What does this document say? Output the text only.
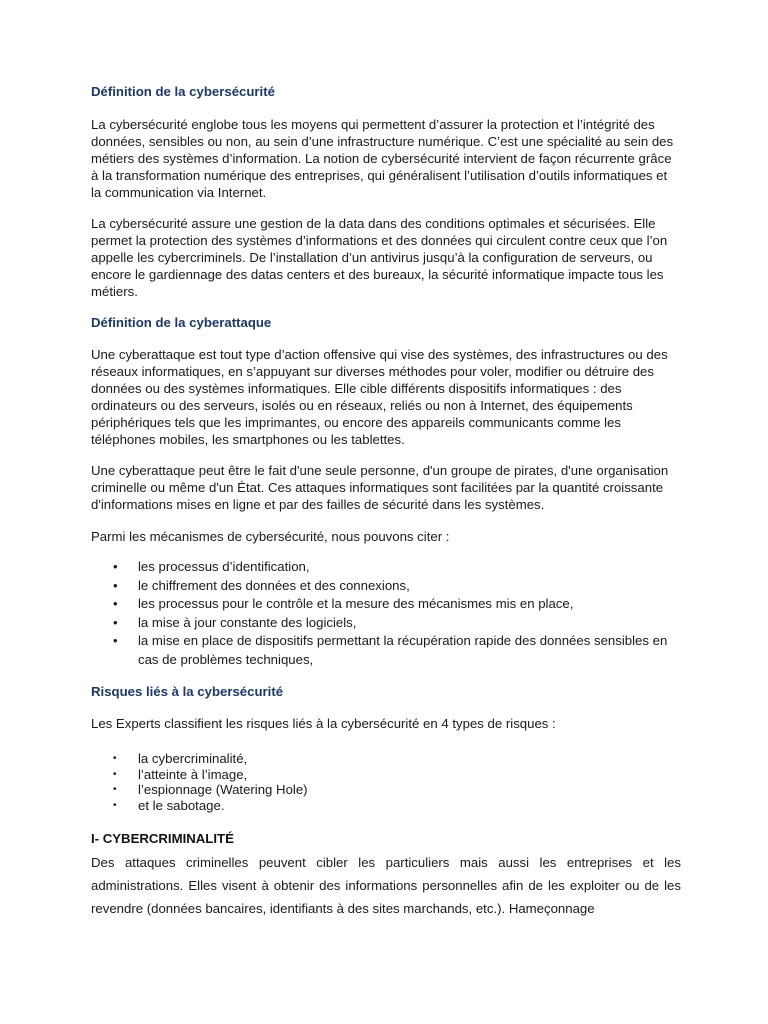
Définition de la cybersécurité

La cybersécurité englobe tous les moyens qui permettent d’assurer la protection et l’intégrité des données, sensibles ou non, au sein d’une infrastructure numérique. C’est une spécialité au sein des métiers des systèmes d’information. La notion de cybersécurité intervient de façon récurrente grâce à la transformation numérique des entreprises, qui généralisent l’utilisation d’outils informatiques et la communication via Internet.

La cybersécurité assure une gestion de la data dans des conditions optimales et sécurisées. Elle permet la protection des systèmes d’informations et des données qui circulent contre ceux que l’on appelle les cybercriminels. De l’installation d’un antivirus jusqu’à la configuration de serveurs, ou encore le gardiennage des datas centers et des bureaux, la sécurité informatique impacte tous les métiers.

Définition de la cyberattaque

Une cyberattaque est tout type d’action offensive qui vise des systèmes, des infrastructures ou des réseaux informatiques, en s’appuyant sur diverses méthodes pour voler, modifier ou détruire des données ou des systèmes informatiques. Elle cible différents dispositifs informatiques : des ordinateurs ou des serveurs, isolés ou en réseaux, reliés ou non à Internet, des équipements périphériques tels que les imprimantes, ou encore des appareils communicants comme les téléphones mobiles, les smartphones ou les tablettes.

Une cyberattaque peut être le fait d'une seule personne, d'un groupe de pirates, d'une organisation criminelle ou même d'un État. Ces attaques informatiques sont facilitées par la quantité croissante d'informations mises en ligne et par des failles de sécurité dans les systèmes.

Parmi les mécanismes de cybersécurité, nous pouvons citer :

• les processus d’identification,
• le chiffrement des données et des connexions,
• les processus pour le contrôle et la mesure des mécanismes mis en place,
• la mise à jour constante des logiciels,
• la mise en place de dispositifs permettant la récupération rapide des données sensibles en cas de problèmes techniques,
Risques liés à la cybersécurité

Les Experts classifient les risques liés à la cybersécurité en 4 types de risques :

• la cybercriminalité,
• l’atteinte à l’image,
• l’espionnage (Watering Hole)
• et le sabotage.
I- CYBERCRIMINALITÉ

Des attaques criminelles peuvent cibler les particuliers mais aussi les entreprises et les administrations. Elles visent à obtenir des informations personnelles afin de les exploiter ou de les revendre (données bancaires, identifiants à des sites marchands, etc.). Hameçonnage
